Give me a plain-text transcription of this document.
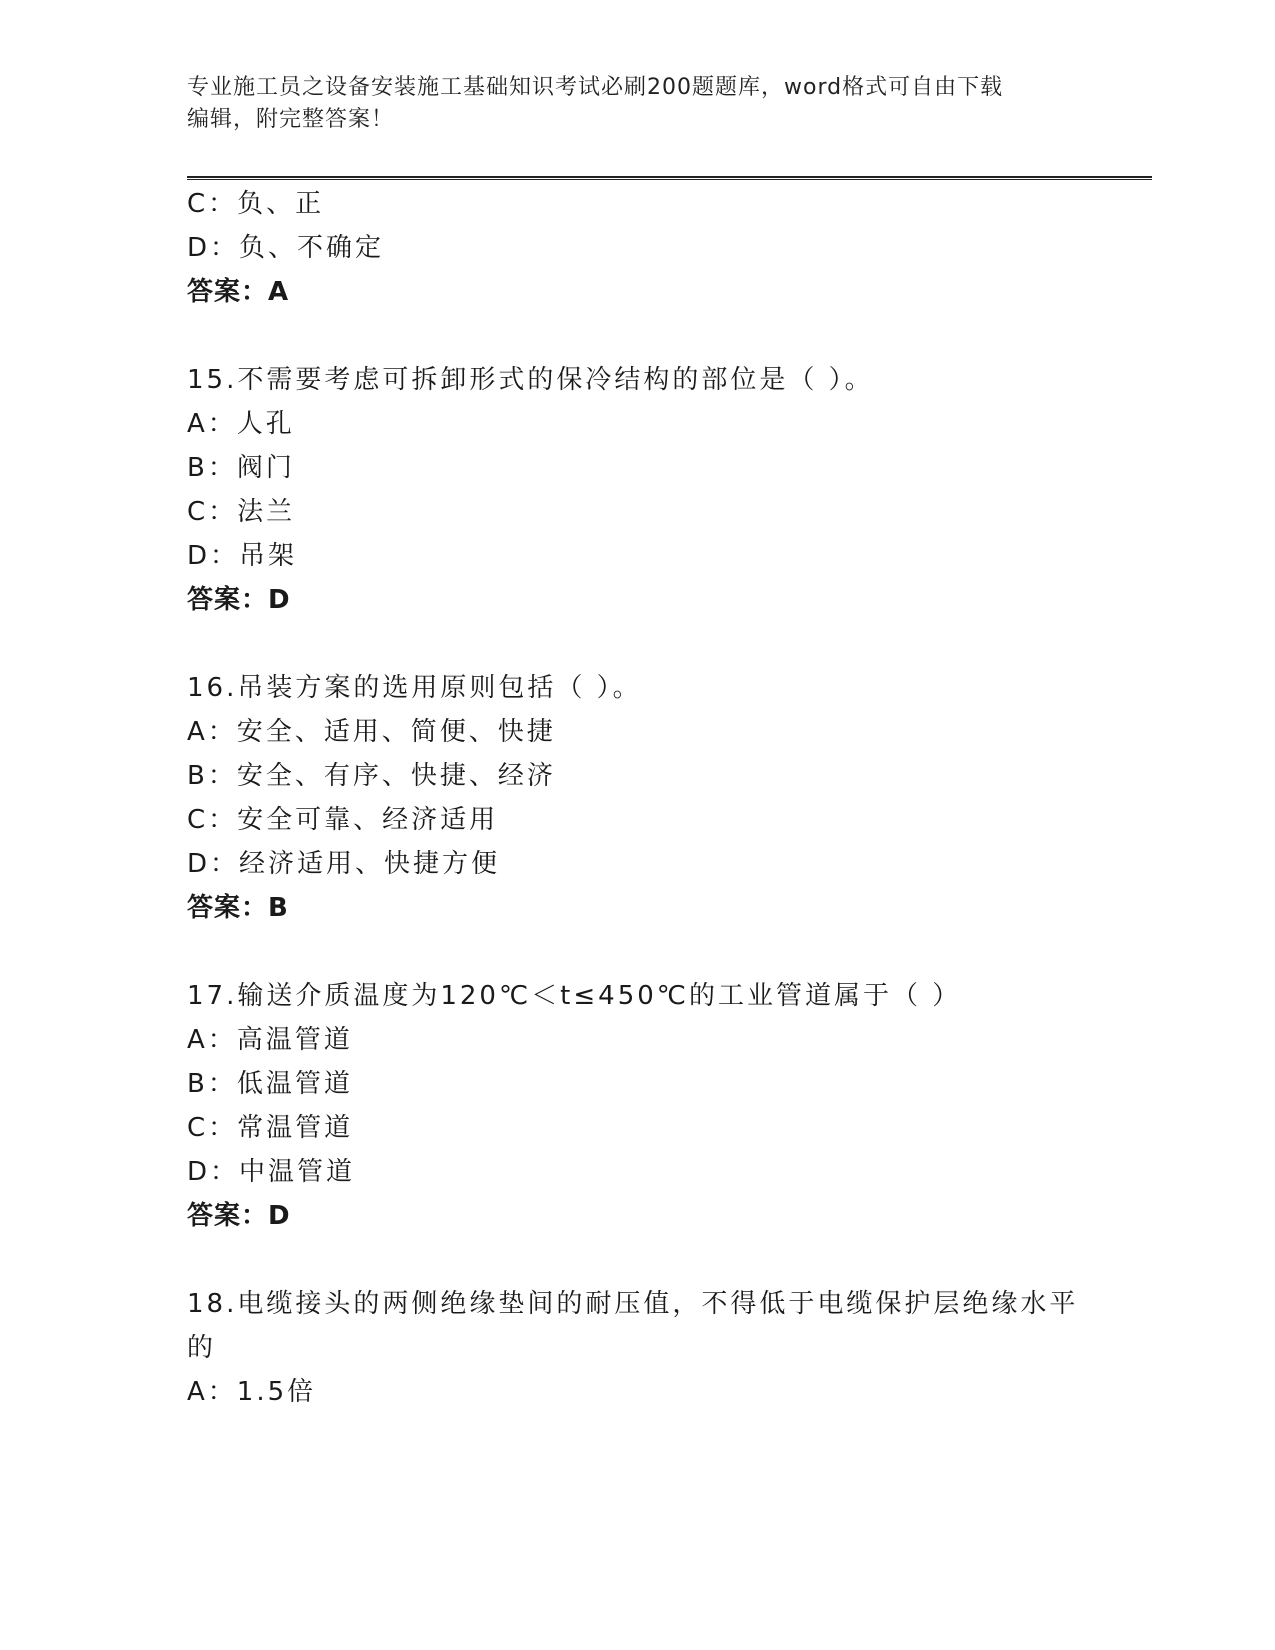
专业施工员之设备安装施工基础知识考试必刷200题题库，word格式可自由下载
编辑，附完整答案！
C：负、正
D：负、不确定
答案：A
15.不需要考虑可拆卸形式的保冷结构的部位是（ ）。
A：人孔
B：阀门
C：法兰
D：吊架
答案：D
16.吊装方案的选用原则包括（ ）。
A：安全、适用、简便、快捷
B：安全、有序、快捷、经济
C：安全可靠、经济适用
D：经济适用、快捷方便
答案：B
17.输送介质温度为120℃＜t≤450℃的工业管道属于（ ）
A：高温管道
B：低温管道
C：常温管道
D：中温管道
答案：D
18.电缆接头的两侧绝缘垫间的耐压值，不得低于电缆保护层绝缘水平
的
A：1.5倍
